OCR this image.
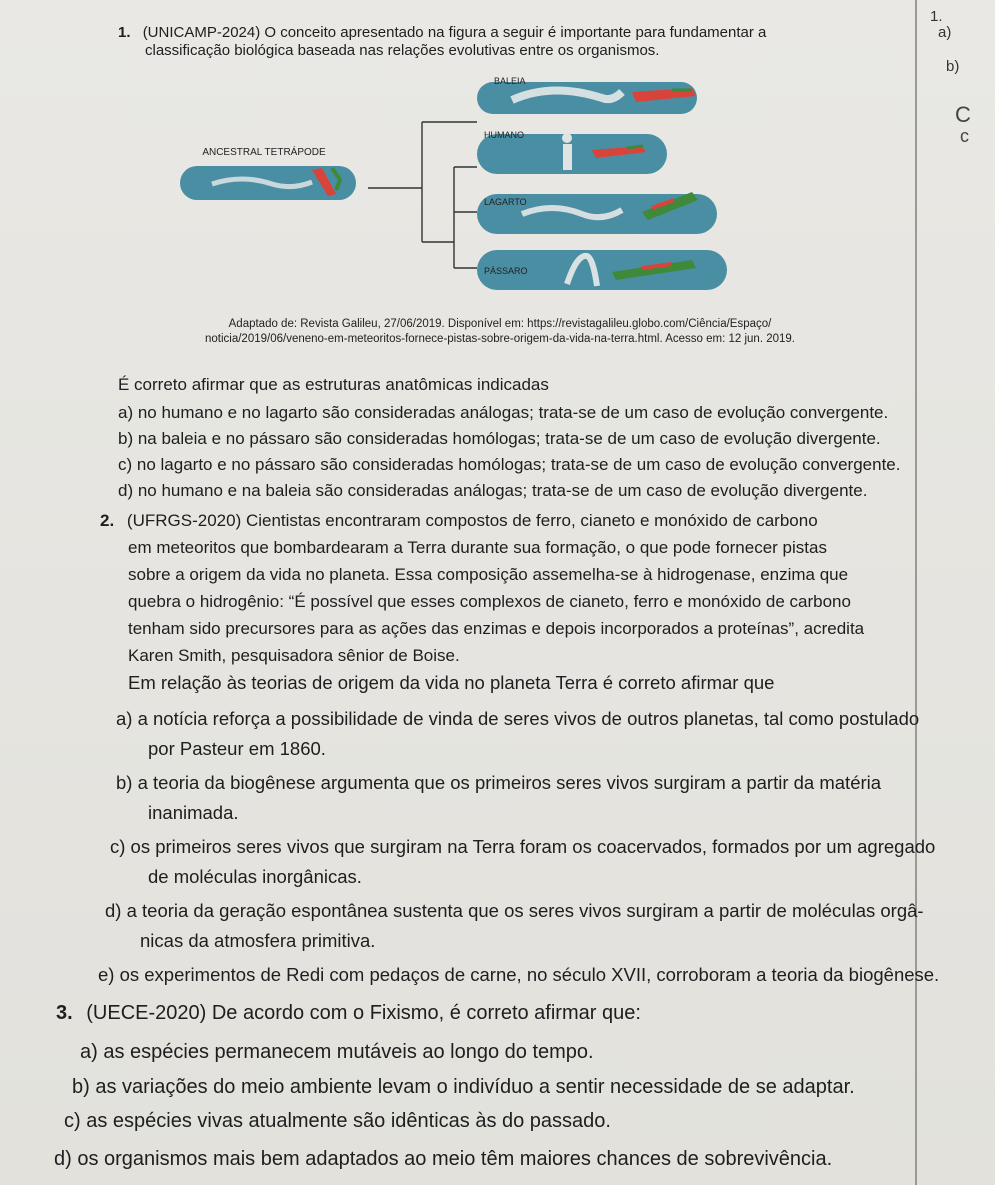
1.
a)
b)
C
c
1. (UNICAMP-2024) O conceito apresentado na figura a seguir é importante para fundamentar a
classificação biológica baseada nas relações evolutivas entre os organismos.
ANCESTRAL TETRÁPODE
BALEIA
HUMANO
LAGARTO
PÁSSARO
Adaptado de: Revista Galileu, 27/06/2019. Disponível em: https://revistagalileu.globo.com/Ciência/Espaço/
noticia/2019/06/veneno-em-meteoritos-fornece-pistas-sobre-origem-da-vida-na-terra.html. Acesso em: 12 jun. 2019.
É correto afirmar que as estruturas anatômicas indicadas
a) no humano e no lagarto são consideradas análogas; trata-se de um caso de evolução convergente.
b) na baleia e no pássaro são consideradas homólogas; trata-se de um caso de evolução divergente.
c) no lagarto e no pássaro são consideradas homólogas; trata-se de um caso de evolução convergente.
d) no humano e na baleia são consideradas análogas; trata-se de um caso de evolução divergente.
2. (UFRGS-2020) Cientistas encontraram compostos de ferro, cianeto e monóxido de carbono
em meteoritos que bombardearam a Terra durante sua formação, o que pode fornecer pistas
sobre a origem da vida no planeta. Essa composição assemelha-se à hidrogenase, enzima que
quebra o hidrogênio: “É possível que esses complexos de cianeto, ferro e monóxido de carbono
tenham sido precursores para as ações das enzimas e depois incorporados a proteínas”, acredita
Karen Smith, pesquisadora sênior de Boise.
Em relação às teorias de origem da vida no planeta Terra é correto afirmar que
a) a notícia reforça a possibilidade de vinda de seres vivos de outros planetas, tal como postulado
por Pasteur em 1860.
b) a teoria da biogênese argumenta que os primeiros seres vivos surgiram a partir da matéria
inanimada.
c) os primeiros seres vivos que surgiram na Terra foram os coacervados, formados por um agregado
de moléculas inorgânicas.
d) a teoria da geração espontânea sustenta que os seres vivos surgiram a partir de moléculas orgâ-
nicas da atmosfera primitiva.
e) os experimentos de Redi com pedaços de carne, no século XVII, corroboram a teoria da biogênese.
3. (UECE-2020) De acordo com o Fixismo, é correto afirmar que:
a) as espécies permanecem mutáveis ao longo do tempo.
b) as variações do meio ambiente levam o indivíduo a sentir necessidade de se adaptar.
c) as espécies vivas atualmente são idênticas às do passado.
d) os organismos mais bem adaptados ao meio têm maiores chances de sobrevivência.
